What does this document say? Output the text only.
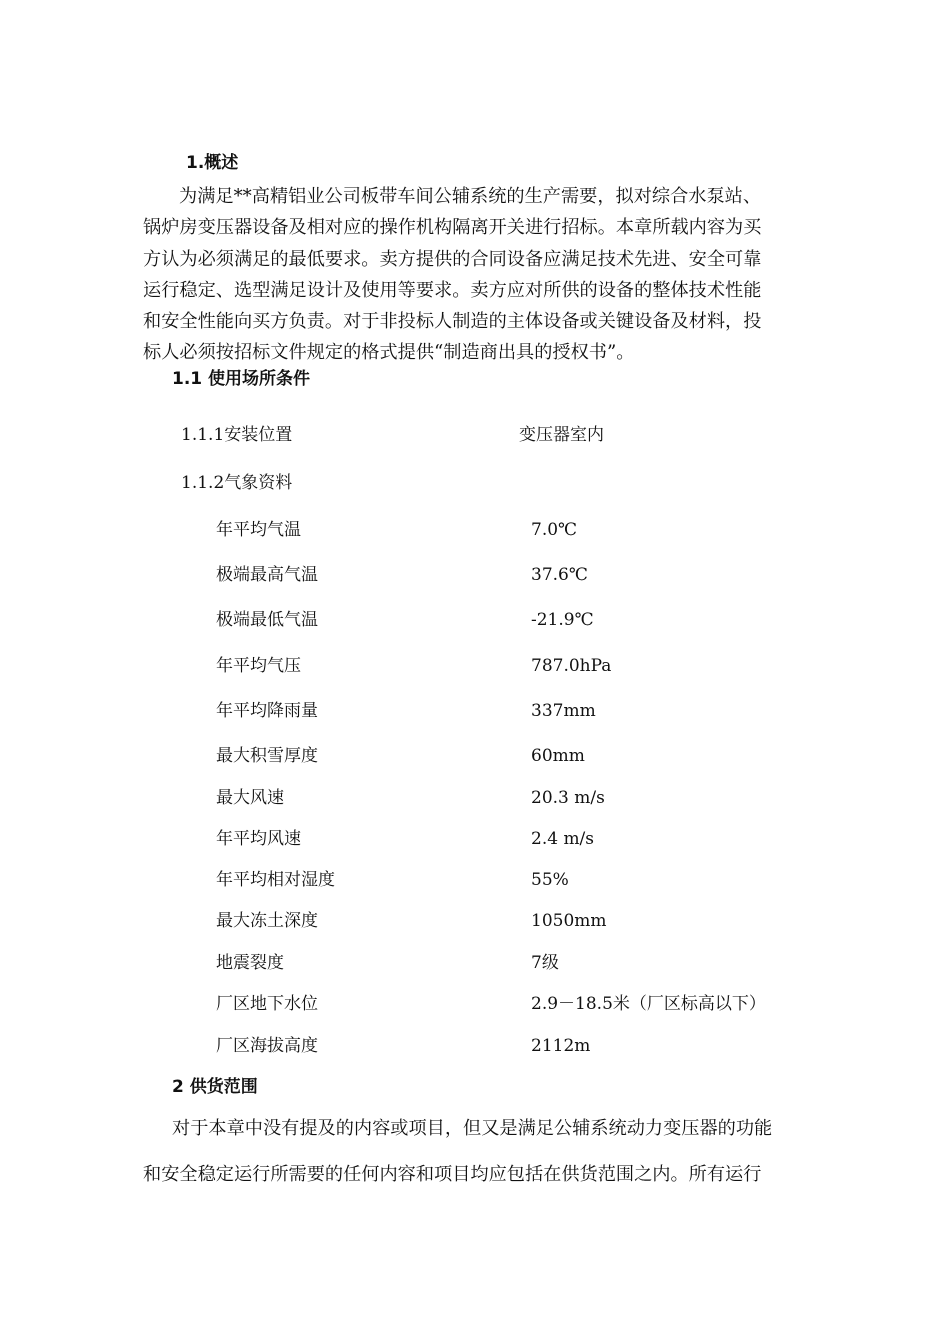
1.概述
为满足**高精铝业公司板带车间公辅系统的生产需要，拟对综合水泵站、
锅炉房变压器设备及相对应的操作机构隔离开关进行招标。本章所载内容为买
方认为必须满足的最低要求。卖方提供的合同设备应满足技术先进、安全可靠
运行稳定、选型满足设计及使用等要求。卖方应对所供的设备的整体技术性能
和安全性能向买方负责。对于非投标人制造的主体设备或关键设备及材料，投
标人必须按招标文件规定的格式提供“制造商出具的授权书”。
1.1 使用场所条件
1.1.1安装位置	变压器室内
1.1.2气象资料
年平均气温	7.0℃
极端最高气温	37.6℃
极端最低气温	-21.9℃
年平均气压	787.0hPa
年平均降雨量	337mm
最大积雪厚度	60mm
最大风速	20.3 m/s
年平均风速	2.4 m/s
年平均相对湿度	55%
最大冻土深度	1050mm
地震裂度	7级
厂区地下水位	2.9－18.5米（厂区标高以下）
厂区海拔高度	2112m
2 供货范围
对于本章中没有提及的内容或项目，但又是满足公辅系统动力变压器的功能
和安全稳定运行所需要的任何内容和项目均应包括在供货范围之内。所有运行
